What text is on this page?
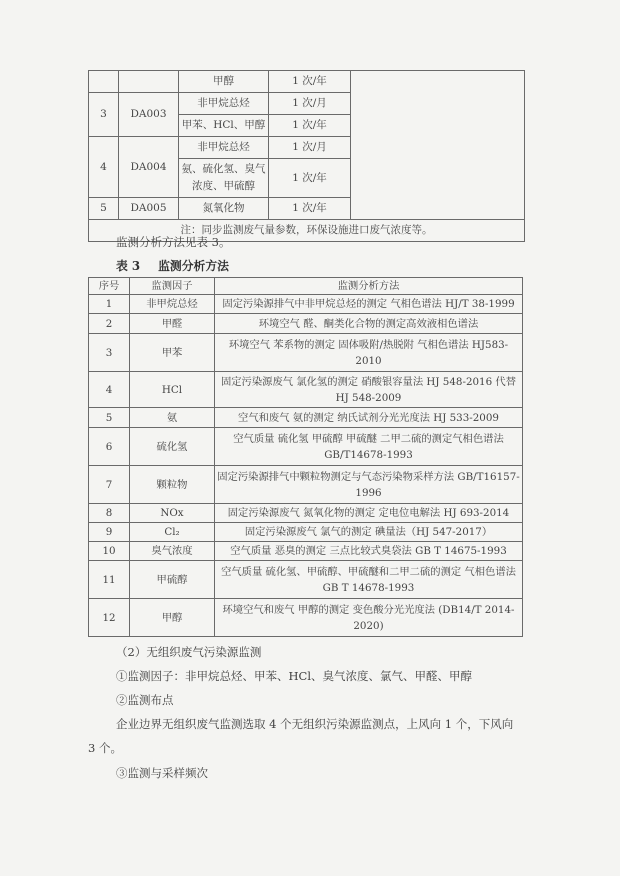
		甲醇	1 次/年	
3	DA003	非甲烷总烃	1 次/月	
		甲苯、HCl、甲醇	1 次/年	
4	DA004	非甲烷总烃	1 次/月	
		氨、硫化氢、臭气浓度、甲硫醇	1 次/年	
5	DA005	氮氧化物	1 次/年	
注：同步监测废气量参数，环保设施进口废气浓度等。				
监测分析方法见表 3。
表 3 监测分析方法
序号	监测因子	监测分析方法
1	非甲烷总烃	固定污染源排气中非甲烷总烃的测定 气相色谱法 HJ/T 38-1999
2	甲醛	环境空气 醛、酮类化合物的测定高效液相色谱法
3	甲苯	环境空气 苯系物的测定 固体吸附/热脱附 气相色谱法 HJ583-2010
4	HCl	固定污染源废气 氯化氢的测定 硝酸银容量法 HJ 548-2016 代替 HJ 548-2009
5	氨	空气和废气 氨的测定 纳氏试剂分光光度法 HJ 533-2009
6	硫化氢	空气质量 硫化氢 甲硫醇 甲硫醚 二甲二硫的测定气相色谱法 GB/T14678-1993
7	颗粒物	固定污染源排气中颗粒物测定与气态污染物采样方法 GB/T16157-1996
8	NOx	固定污染源废气 氮氧化物的测定 定电位电解法 HJ 693-2014
9	Cl₂	固定污染源废气 氯气的测定 碘量法（HJ 547-2017）
10	臭气浓度	空气质量 恶臭的测定 三点比较式臭袋法 GB T 14675-1993
11	甲硫醇	空气质量 硫化氢、甲硫醇、甲硫醚和二甲二硫的测定 气相色谱法 GB T 14678-1993
12	甲醇	环境空气和废气 甲醇的测定 变色酸分光光度法 (DB14/T 2014-2020)
（2）无组织废气污染源监测
①监测因子：非甲烷总烃、甲苯、HCl、臭气浓度、氯气、甲醛、甲醇
②监测布点
企业边界无组织废气监测选取 4 个无组织污染源监测点，上风向 1 个，下风向
3 个。
③监测与采样频次
